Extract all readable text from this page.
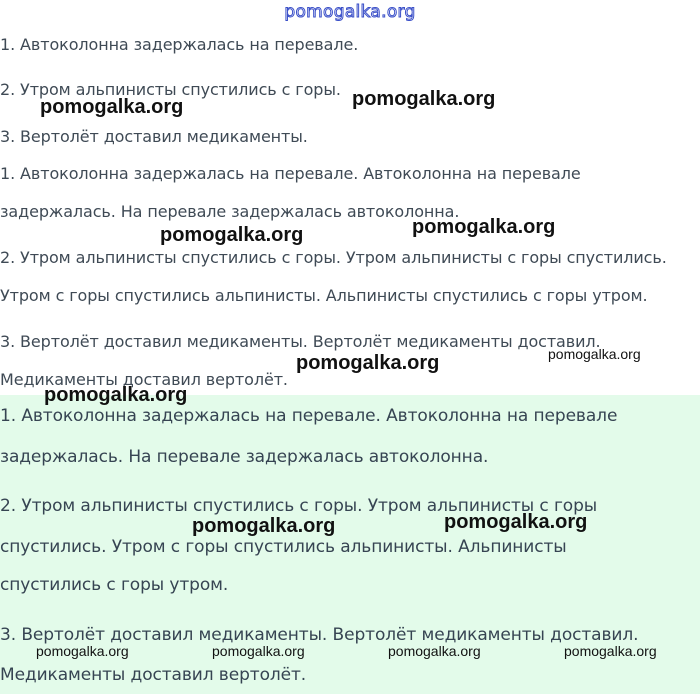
pomogalka.org
1. Автоколонна задержалась на перевале.
2. Утром альпинисты спустились с горы.
3. Вертолёт доставил медикаменты.
1. Автоколонна задержалась на перевале. Автоколонна на перевале
задержалась. На перевале задержалась автоколонна.
2. Утром альпинисты спустились с горы. Утром альпинисты с горы спустились.
Утром с горы спустились альпинисты. Альпинисты спустились с горы утром.
3. Вертолёт доставил медикаменты. Вертолёт медикаменты доставил.
Медикаменты доставил вертолёт.
1. Автоколонна задержалась на перевале. Автоколонна на перевале
задержалась. На перевале задержалась автоколонна.
2. Утром альпинисты спустились с горы. Утром альпинисты с горы
спустились. Утром с горы спустились альпинисты. Альпинисты
спустились с горы утром.
3. Вертолёт доставил медикаменты. Вертолёт медикаменты доставил.
Медикаменты доставил вертолёт.
pomogalka.org	pomogalka.org
pomogalka.org	pomogalka.org
pomogalka.org	pomogalka.org
pomogalka.org
pomogalka.org	pomogalka.org
pomogalka.org	pomogalka.org	pomogalka.org	pomogalka.org
